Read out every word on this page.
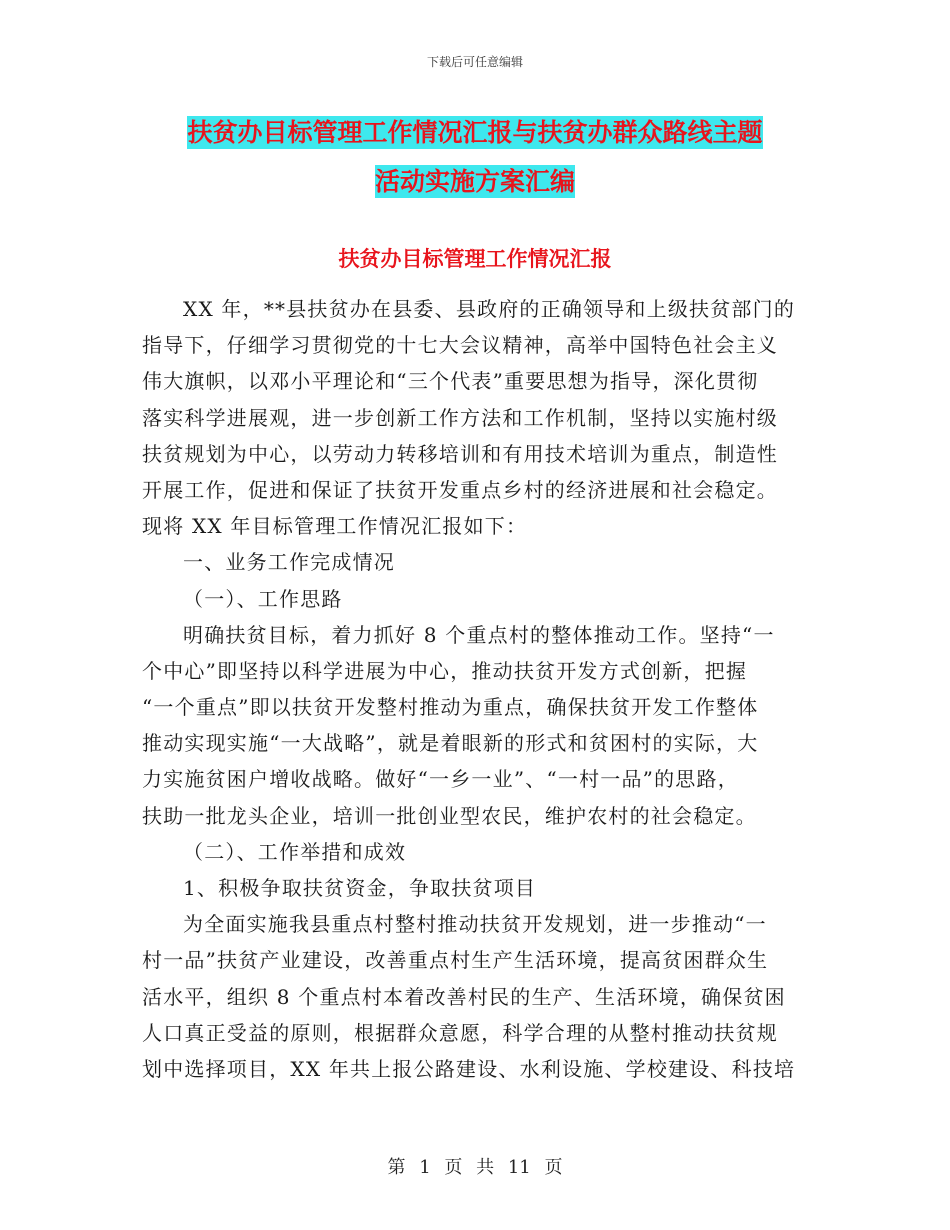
下载后可任意编辑
扶贫办目标管理工作情况汇报与扶贫办群众路线主题
活动实施方案汇编
扶贫办目标管理工作情况汇报
XX 年，**县扶贫办在县委、县政府的正确领导和上级扶贫部门的
指导下，仔细学习贯彻党的十七大会议精神，高举中国特色社会主义
伟大旗帜，以邓小平理论和“三个代表”重要思想为指导，深化贯彻
落实科学进展观，进一步创新工作方法和工作机制，坚持以实施村级
扶贫规划为中心，以劳动力转移培训和有用技术培训为重点，制造性
开展工作，促进和保证了扶贫开发重点乡村的经济进展和社会稳定。
现将 XX 年目标管理工作情况汇报如下：
一、业务工作完成情况
（一）、工作思路
明确扶贫目标，着力抓好 8 个重点村的整体推动工作。坚持“一
个中心”即坚持以科学进展为中心，推动扶贫开发方式创新，把握
“一个重点”即以扶贫开发整村推动为重点，确保扶贫开发工作整体
推动实现实施“一大战略”，就是着眼新的形式和贫困村的实际，大
力实施贫困户增收战略。做好“一乡一业”、“一村一品”的思路，
扶助一批龙头企业，培训一批创业型农民，维护农村的社会稳定。
（二）、工作举措和成效
1、积极争取扶贫资金，争取扶贫项目
为全面实施我县重点村整村推动扶贫开发规划，进一步推动“一
村一品”扶贫产业建设，改善重点村生产生活环境，提高贫困群众生
活水平，组织 8 个重点村本着改善村民的生产、生活环境，确保贫困
人口真正受益的原则，根据群众意愿，科学合理的从整村推动扶贫规
划中选择项目，XX 年共上报公路建设、水利设施、学校建设、科技培
第 1 页 共 11 页
